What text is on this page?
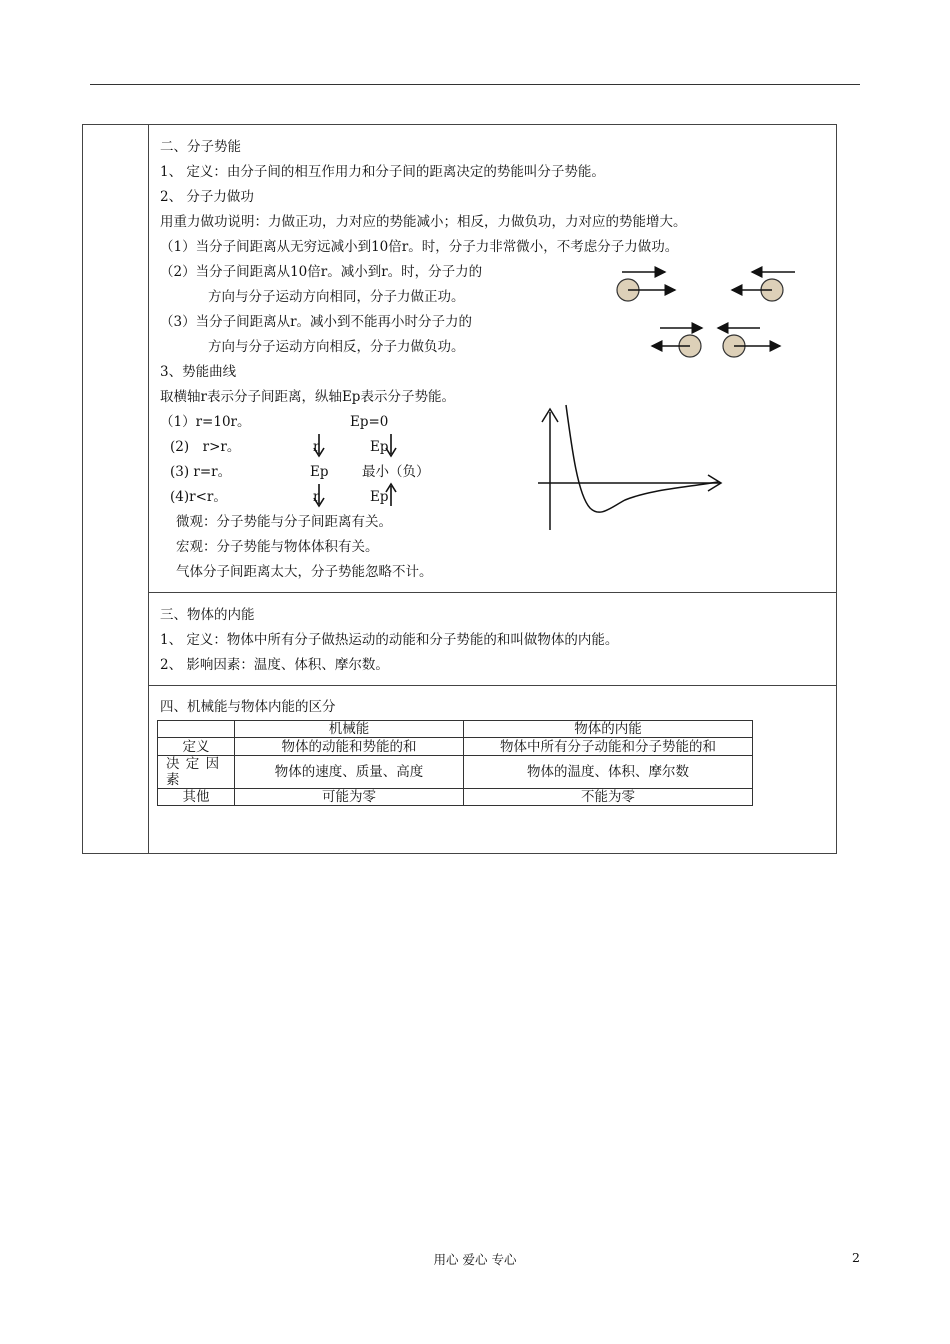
二、分子势能
1、 定义：由分子间的相互作用力和分子间的距离决定的势能叫分子势能。
2、 分子力做功
用重力做功说明：力做正功，力对应的势能减小；相反，力做负功，力对应的势能增大。
（1）当分子间距离从无穷远减小到10倍r。时，分子力非常微小，不考虑分子力做功。
（2）当分子间距离从10倍r。减小到r。时，分子力的
方向与分子运动方向相同，分子力做正功。
（3）当分子间距离从r。减小到不能再小时分子力的
方向与分子运动方向相反，分子力做负功。
3、势能曲线
取横轴r表示分子间距离，纵轴Ep表示分子势能。
（1）r=10r。	Ep=0
(2)　r>r。	r	Ep
(3) r=r。	Ep 最小（负）
(4)r<r。	r	Ep
微观：分子势能与分子间距离有关。
宏观：分子势能与物体体积有关。
气体分子间距离太大，分子势能忽略不计。
三、物体的内能
1、 定义：物体中所有分子做热运动的动能和分子势能的和叫做物体的内能。
2、 影响因素：温度、体积、摩尔数。
四、机械能与物体内能的区分
	机械能	物体的内能
定义	物体的动能和势能的和	物体中所有分子动能和分子势能的和
决 定 因
素	物体的速度、质量、高度	物体的温度、体积、摩尔数
其他	可能为零	不能为零
用心 爱心 专心	2
